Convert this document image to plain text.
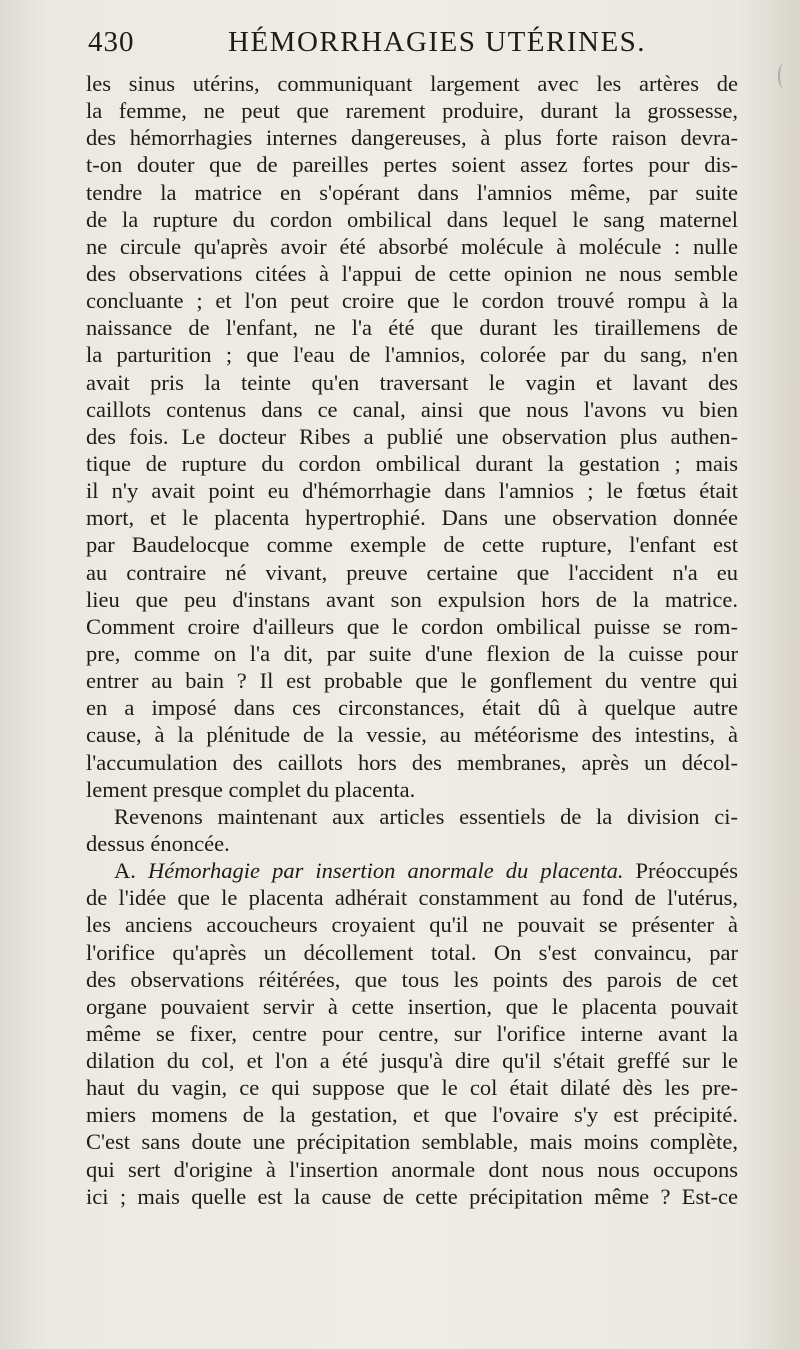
430	HÉMORRHAGIES UTÉRINES.
les sinus utérins, communiquant largement avec les artères de
la femme, ne peut que rarement produire, durant la grossesse,
des hémorrhagies internes dangereuses, à plus forte raison devra-
t-on douter que de pareilles pertes soient assez fortes pour dis-
tendre la matrice en s'opérant dans l'amnios même, par suite
de la rupture du cordon ombilical dans lequel le sang maternel
ne circule qu'après avoir été absorbé molécule à molécule : nulle
des observations citées à l'appui de cette opinion ne nous semble
concluante ; et l'on peut croire que le cordon trouvé rompu à la
naissance de l'enfant, ne l'a été que durant les tiraillemens de
la parturition ; que l'eau de l'amnios, colorée par du sang, n'en
avait pris la teinte qu'en traversant le vagin et lavant des
caillots contenus dans ce canal, ainsi que nous l'avons vu bien
des fois. Le docteur Ribes a publié une observation plus authen-
tique de rupture du cordon ombilical durant la gestation ; mais
il n'y avait point eu d'hémorrhagie dans l'amnios ; le fœtus était
mort, et le placenta hypertrophié. Dans une observation donnée
par Baudelocque comme exemple de cette rupture, l'enfant est
au contraire né vivant, preuve certaine que l'accident n'a eu
lieu que peu d'instans avant son expulsion hors de la matrice.
Comment croire d'ailleurs que le cordon ombilical puisse se rom-
pre, comme on l'a dit, par suite d'une flexion de la cuisse pour
entrer au bain ? Il est probable que le gonflement du ventre qui
en a imposé dans ces circonstances, était dû à quelque autre
cause, à la plénitude de la vessie, au météorisme des intestins, à
l'accumulation des caillots hors des membranes, après un décol-
lement presque complet du placenta.
Revenons maintenant aux articles essentiels de la division ci-
dessus énoncée.
A. Hémorhagie par insertion anormale du placenta. Préoccupés
de l'idée que le placenta adhérait constamment au fond de l'utérus,
les anciens accoucheurs croyaient qu'il ne pouvait se présenter à
l'orifice qu'après un décollement total. On s'est convaincu, par
des observations réitérées, que tous les points des parois de cet
organe pouvaient servir à cette insertion, que le placenta pouvait
même se fixer, centre pour centre, sur l'orifice interne avant la
dilation du col, et l'on a été jusqu'à dire qu'il s'était greffé sur le
haut du vagin, ce qui suppose que le col était dilaté dès les pre-
miers momens de la gestation, et que l'ovaire s'y est précipité.
C'est sans doute une précipitation semblable, mais moins complète,
qui sert d'origine à l'insertion anormale dont nous nous occupons
ici ; mais quelle est la cause de cette précipitation même ? Est-ce
